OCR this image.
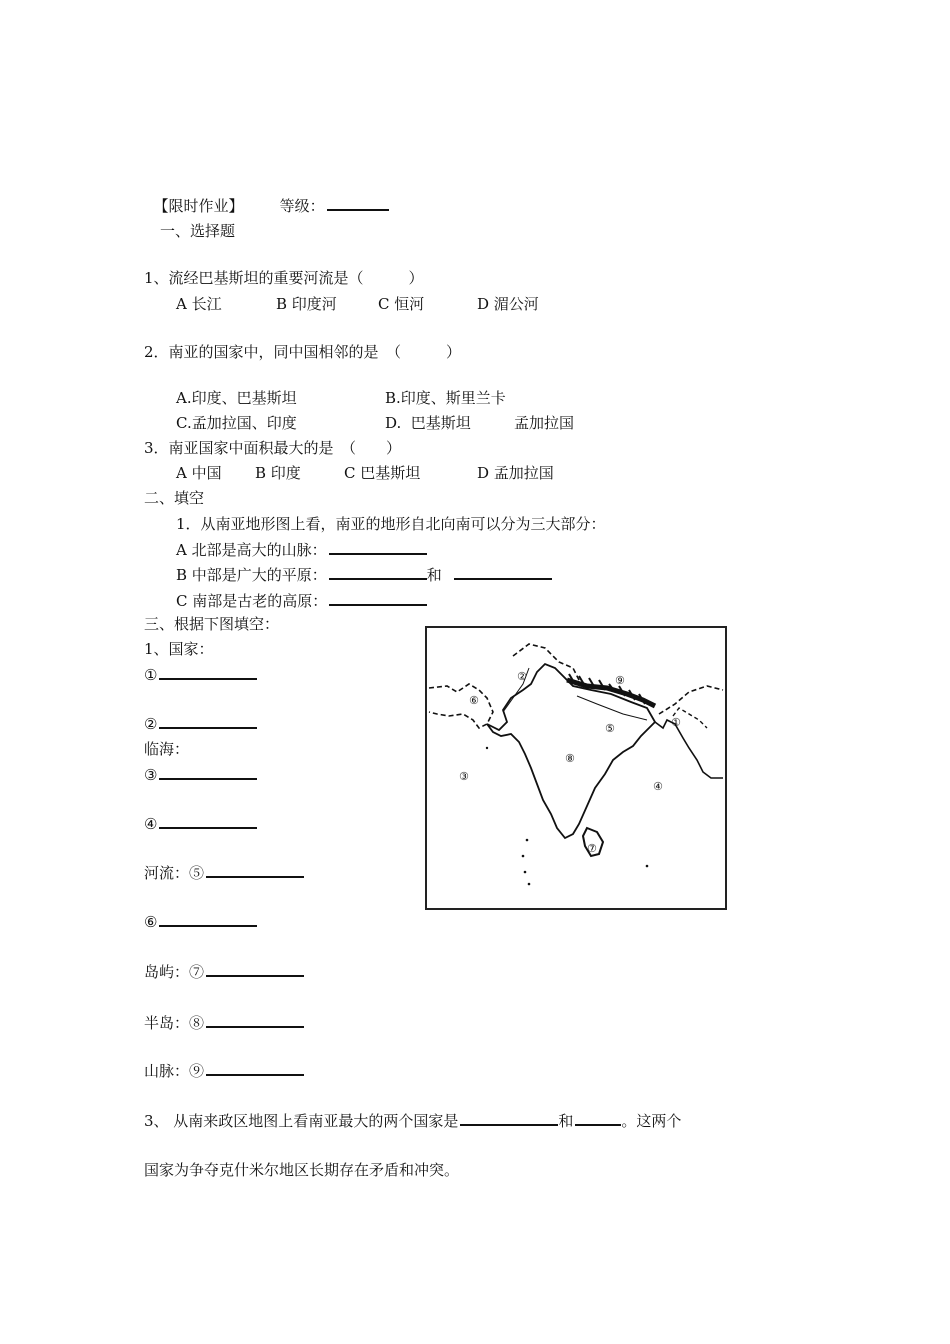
【限时作业】 等级：

一、选择题
1、流经巴基斯坦的重要河流是（　　　）
A 长江	B 印度河	C 恒河	D 湄公河
2．南亚的国家中，同中国相邻的是　（　　　）
A.印度、巴基斯坦	B.印度、斯里兰卡
C.孟加拉国、印度	D.  巴基斯坦	孟加拉国
3．南亚国家中面积最大的是　（　　）
A 中国 B 印度	C 巴基斯坦	D 孟加拉国
二、填空
1．从南亚地形图上看，南亚的地形自北向南可以分为三大部分：
A 北部是高大的山脉：
B 中部是广大的平原：	和
C 南部是古老的高原：
三、根据下图填空：
1、国家：
①
②
临海：
③
④
河流：⑤
⑥
岛屿：⑦
半岛：⑧
山脉：⑨
①
②
③
④
⑤
⑥
⑦
⑧
⑨
3、 从南来政区地图上看南亚最大的两个国家是	和	。这两个
国家为争夺克什米尔地区长期存在矛盾和冲突。
